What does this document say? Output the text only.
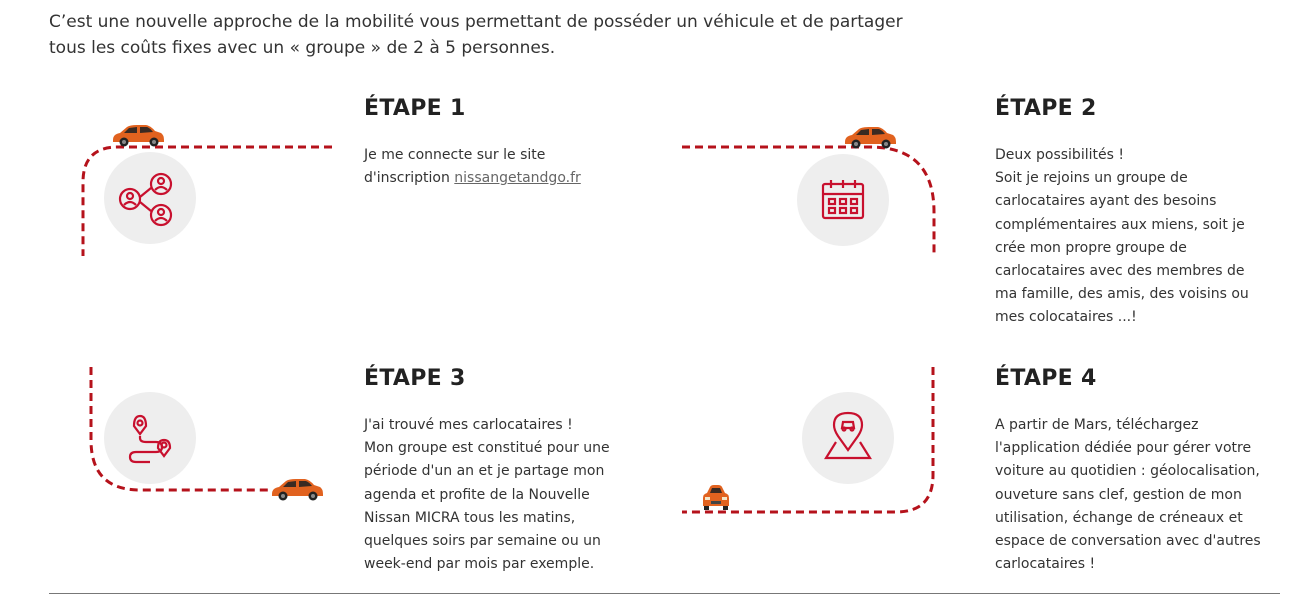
C’est une nouvelle approche de la mobilité vous permettant de posséder un véhicule et de partager
tous les coûts fixes avec un « groupe » de 2 à 5 personnes.
ÉTAPE 1	ÉTAPE 2
ÉTAPE 3	ÉTAPE 4
Je me connecte sur le site
d'inscription nissangetandgo.fr
Deux possibilités !
Soit je rejoins un groupe de
carlocataires ayant des besoins
complémentaires aux miens, soit je
crée mon propre groupe de
carlocataires avec des membres de
ma famille, des amis, des voisins ou
mes colocataires ...!
J'ai trouvé mes carlocataires !
Mon groupe est constitué pour une
période d'un an et je partage mon
agenda et profite de la Nouvelle
Nissan MICRA tous les matins,
quelques soirs par semaine ou un
week-end par mois par exemple.
A partir de Mars, téléchargez
l'application dédiée pour gérer votre
voiture au quotidien : géolocalisation,
ouveture sans clef, gestion de mon
utilisation, échange de créneaux et
espace de conversation avec d'autres
carlocataires !
